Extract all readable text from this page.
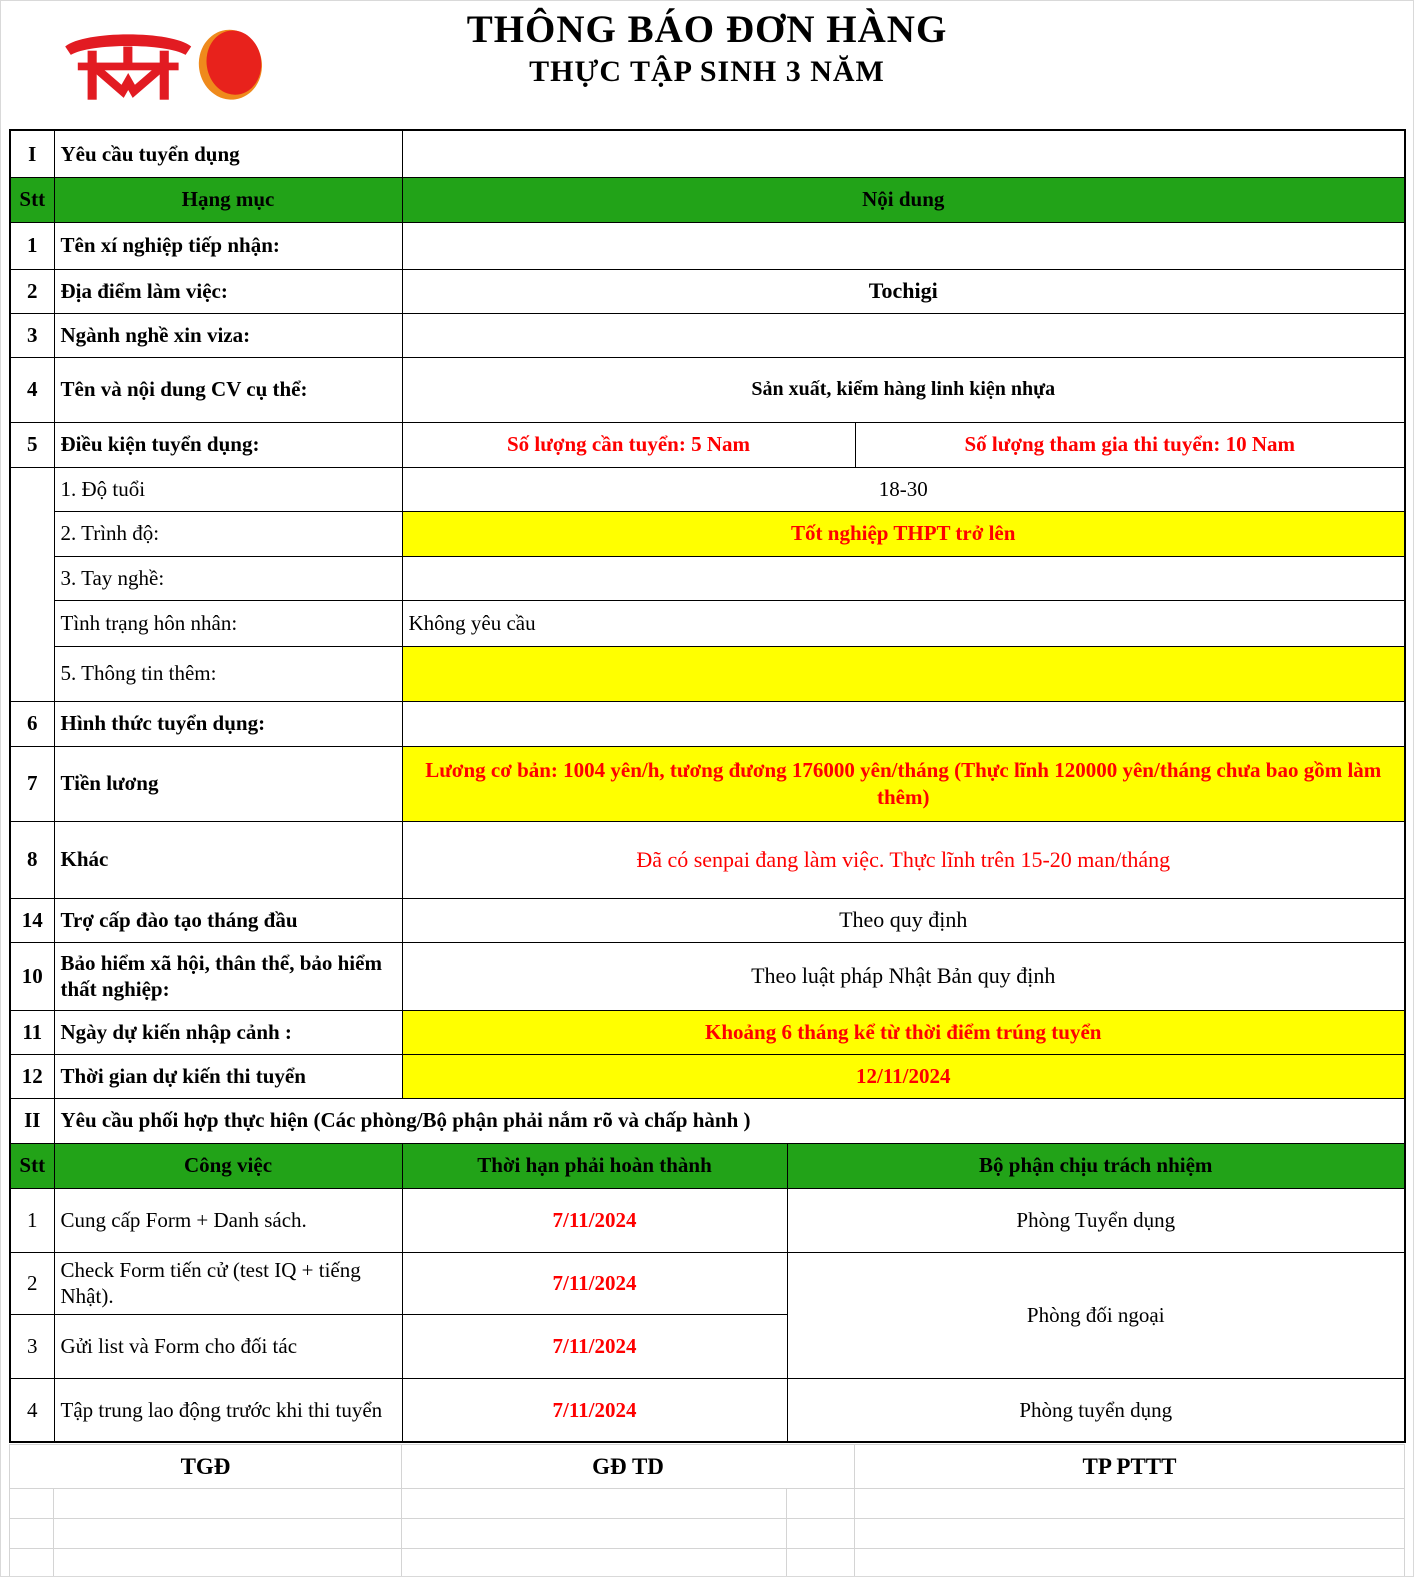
THÔNG BÁO ĐƠN HÀNG
THỰC TẬP SINH 3 NĂM
I	Yêu cầu tuyển dụng			
Stt	Hạng mục	Nội dung		
1	Tên xí nghiệp tiếp nhận:			
2	Địa điểm làm việc:	Tochigi		
3	Ngành nghề xin viza:			
4	Tên và nội dung CV cụ thể:	Sản xuất, kiểm hàng linh kiện nhựa		
5	Điều kiện tuyển dụng:	Số lượng cần tuyển: 5 Nam		Số lượng tham gia thi tuyển: 10 Nam
	1. Độ tuổi	18-30		
	2. Trình độ:	Tốt nghiệp THPT trở lên		
	3. Tay nghề:			
	Tình trạng hôn nhân:	Không yêu cầu		
	5. Thông tin thêm:			
6	Hình thức tuyển dụng:			
7	Tiền lương	Lương cơ bản: 1004 yên/h, tương đương 176000 yên/tháng (Thực lĩnh 120000 yên/tháng chưa bao gồm làm thêm)		
8	Khác	Đã có senpai đang làm việc. Thực lĩnh trên 15-20 man/tháng		
14	Trợ cấp đào tạo tháng đầu	Theo quy định		
10	Bảo hiểm xã hội, thân thể, bảo hiểm thất nghiệp:	Theo luật pháp Nhật Bản quy định		
11	Ngày dự kiến nhập cảnh :	Khoảng 6 tháng kể từ thời điểm trúng tuyển		
12	Thời gian dự kiến thi tuyển	12/11/2024		
II	Yêu cầu phối hợp thực hiện (Các phòng/Bộ phận phải nắm rõ và chấp hành )			
Stt	Công việc	Thời hạn phải hoàn thành	Bộ phận chịu trách nhiệm	
1	Cung cấp Form + Danh sách.	7/11/2024	Phòng Tuyển dụng	
2	Check Form tiến cử (test IQ + tiếng Nhật).	7/11/2024	Phòng đối ngoại	
3	Gửi list và Form cho đối tác	7/11/2024		
4	Tập trung lao động trước khi thi tuyển	7/11/2024	Phòng tuyển dụng	
TGĐ		GĐ TD		TP PTTT
